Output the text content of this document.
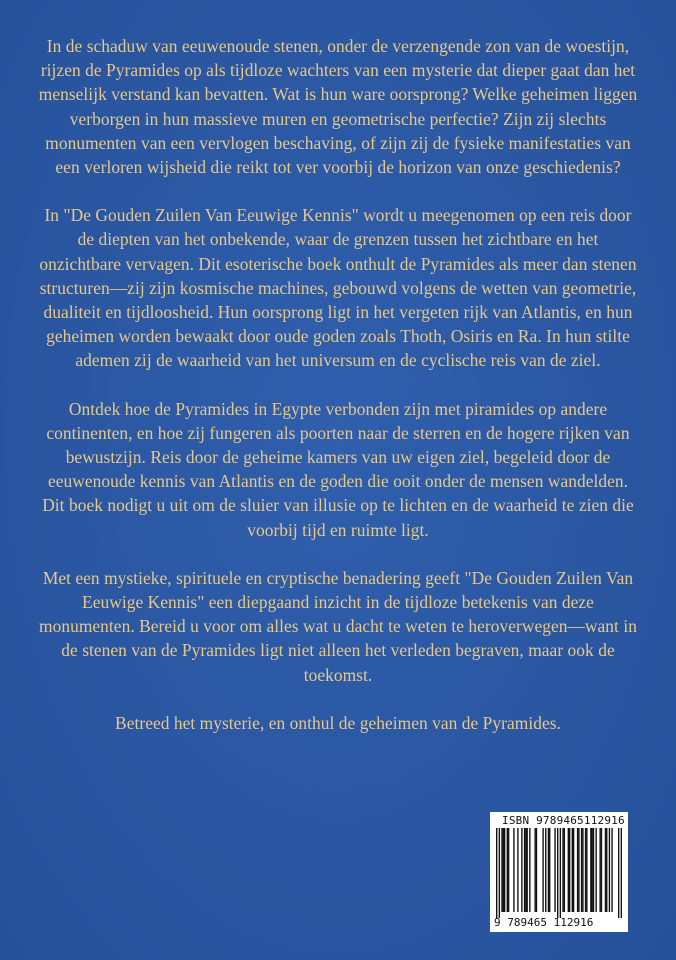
In de schaduw van eeuwenoude stenen, onder de verzengende zon van de woestijn, rijzen de Pyramides op als tijdloze wachters van een mysterie dat dieper gaat dan het menselijk verstand kan bevatten. Wat is hun ware oorsprong? Welke geheimen liggen verborgen in hun massieve muren en geometrische perfectie? Zijn zij slechts monumenten van een vervlogen beschaving, of zijn zij de fysieke manifestaties van een verloren wijsheid die reikt tot ver voorbij de horizon van onze geschiedenis?

In "De Gouden Zuilen Van Eeuwige Kennis" wordt u meegenomen op een reis door de diepten van het onbekende, waar de grenzen tussen het zichtbare en het onzichtbare vervagen. Dit esoterische boek onthult de Pyramides als meer dan stenen structuren—zij zijn kosmische machines, gebouwd volgens de wetten van geometrie, dualiteit en tijdloosheid. Hun oorsprong ligt in het vergeten rijk van Atlantis, en hun geheimen worden bewaakt door oude goden zoals Thoth, Osiris en Ra. In hun stilte ademen zij de waarheid van het universum en de cyclische reis van de ziel.

Ontdek hoe de Pyramides in Egypte verbonden zijn met piramides op andere continenten, en hoe zij fungeren als poorten naar de sterren en de hogere rijken van bewustzijn. Reis door de geheime kamers van uw eigen ziel, begeleid door de eeuwenoude kennis van Atlantis en de goden die ooit onder de mensen wandelden. Dit boek nodigt u uit om de sluier van illusie op te lichten en de waarheid te zien die voorbij tijd en ruimte ligt.

Met een mystieke, spirituele en cryptische benadering geeft "De Gouden Zuilen Van Eeuwige Kennis" een diepgaand inzicht in de tijdloze betekenis van deze monumenten. Bereid u voor om alles wat u dacht te weten te heroverwegen—want in de stenen van de Pyramides ligt niet alleen het verleden begraven, maar ook de toekomst.

Betreed het mysterie, en onthul de geheimen van de Pyramides.

ISBN 9789465112916
9 789465 112916
